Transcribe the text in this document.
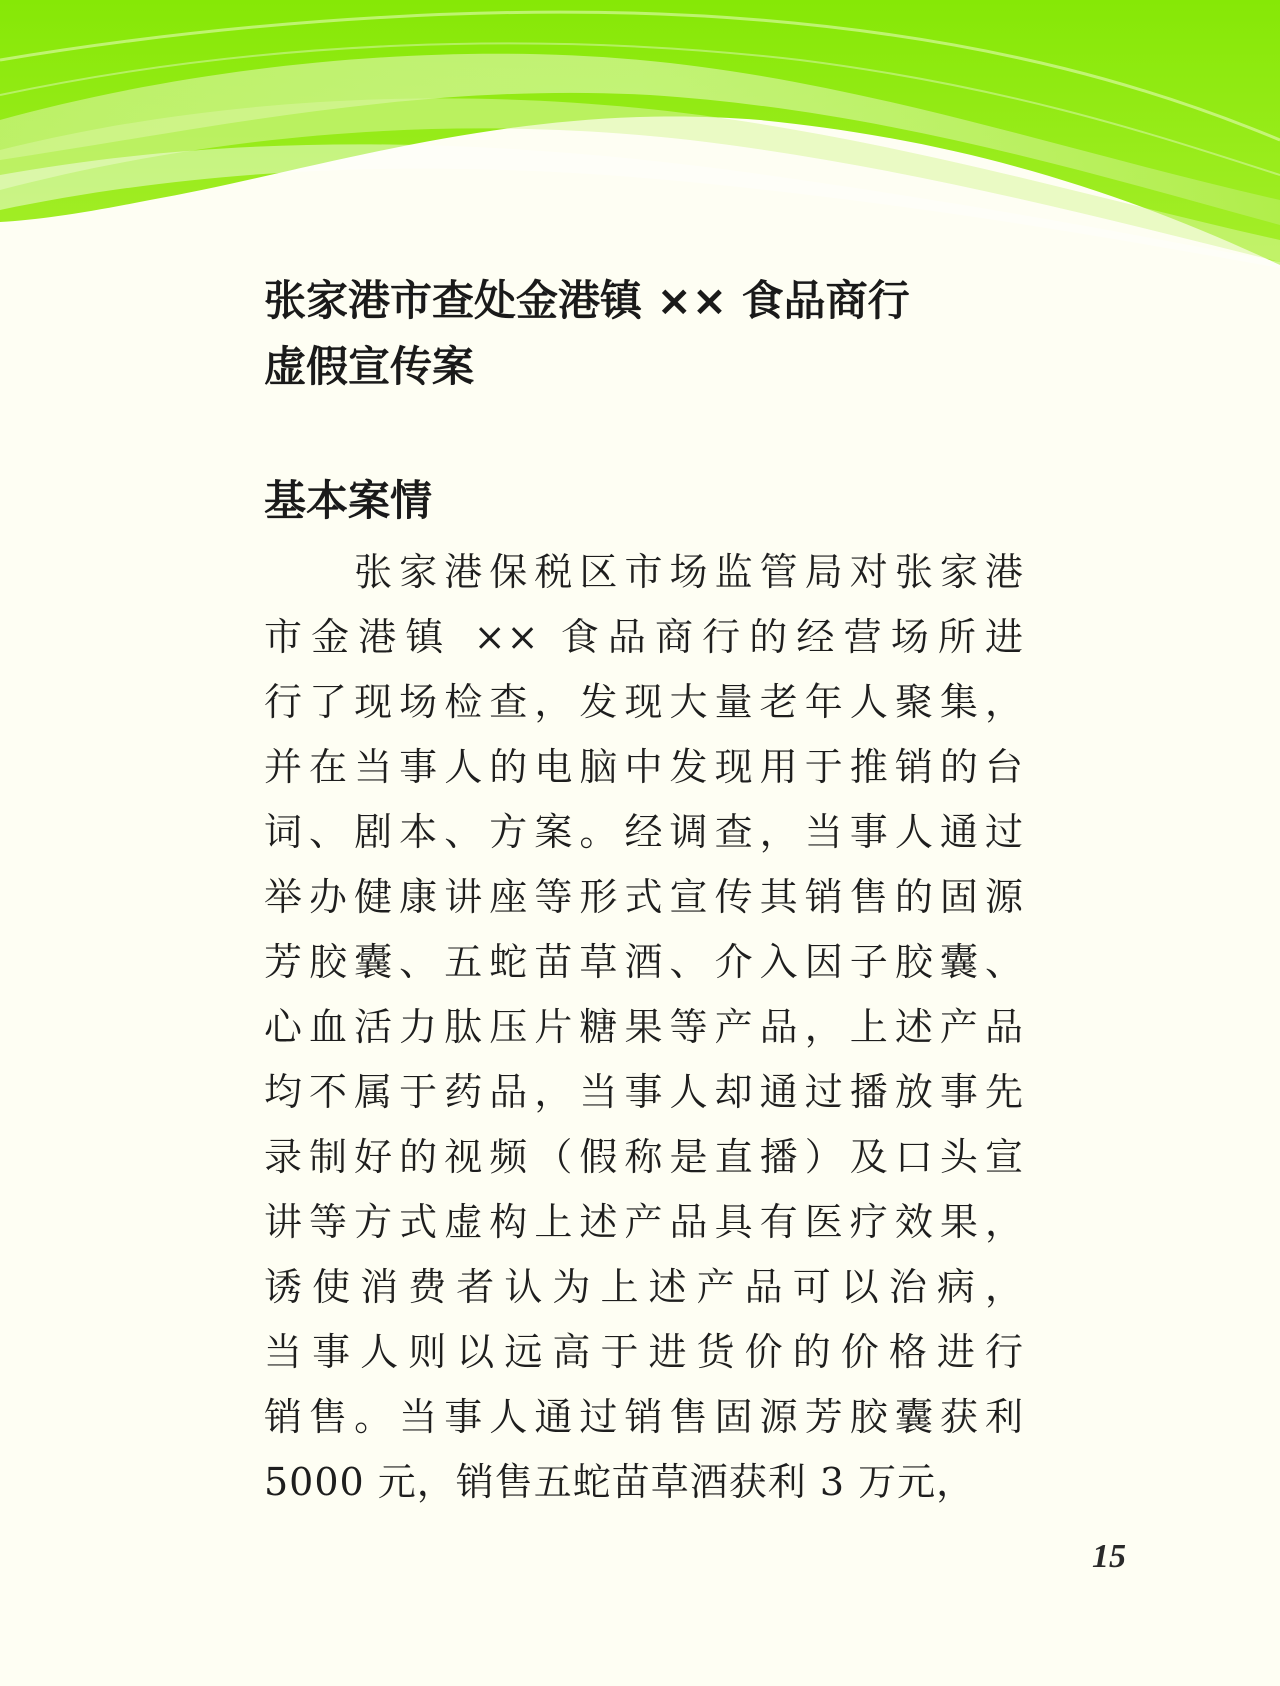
张家港市查处金港镇 ×× 食品商行
虚假宣传案
基本案情
　　张家港保税区市场监管局对张家港
市金港镇 ×× 食品商行的经营场所进
行了现场检查，发现大量老年人聚集，
并在当事人的电脑中发现用于推销的台
词、剧本、方案。经调查，当事人通过
举办健康讲座等形式宣传其销售的固源
芳胶囊、五蛇苗草酒、介入因子胶囊、
心血活力肽压片糖果等产品，上述产品
均不属于药品，当事人却通过播放事先
录制好的视频（假称是直播）及口头宣
讲等方式虚构上述产品具有医疗效果，
诱使消费者认为上述产品可以治病，
当事人则以远高于进货价的价格进行
销售。当事人通过销售固源芳胶囊获利
5000 元，销售五蛇苗草酒获利 3 万元，
15
